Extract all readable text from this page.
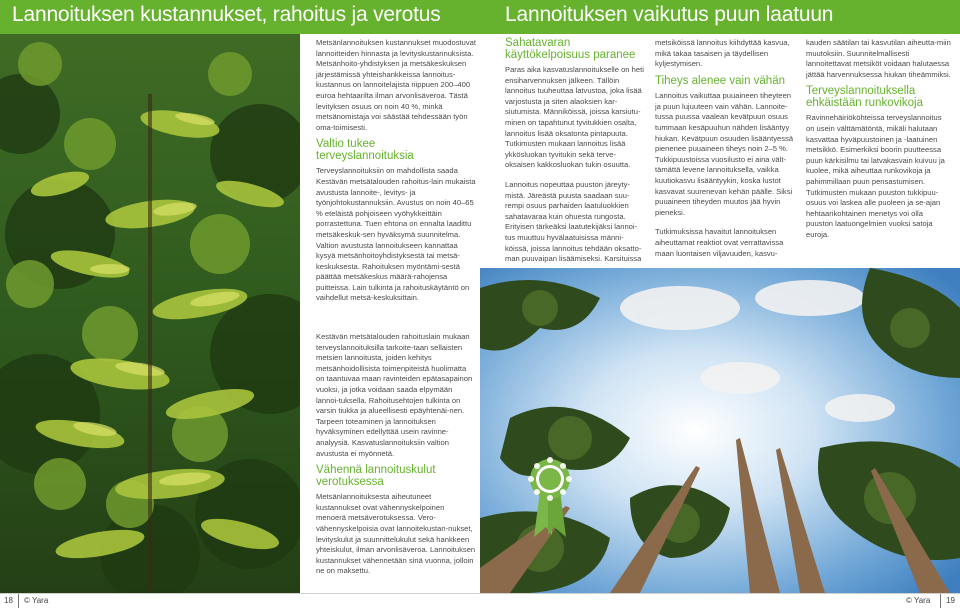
Lannoituksen kustannukset, rahoitus ja verotus

Metsänlannoituksen kustannukset muodostuvat lannoitteiden hinnasta ja levityskustannuksista. Metsänhoito-yhdistyksen ja metsäkeskuksen järjestämissä yhteishankkeissa lannoitus-kustannus on lannoitelajista riippuen 200–400 euroa hehtaarilta ilman arvonlisäveroa. Tästä levityksen osuus on noin 40 %, minkä metsänomistaja voi säästää tehdessään työn oma-toimisesti.

Valtio tukee terveyslannoituksia

Terveyslannoituksiin on mahdollista saada Kestävän metsätalouden rahoitus-lain mukaista avustusta lannoite-, levitys- ja työnjohtokustannuksiin. Avustus on noin 40–65 % eteläistä pohjoiseen vyöhykkeittäin porrastettuna. Tuen ehtona on ennalta laadittu metsäkeskuk-sen hyväksymä suunnitelma. Valtion avustusta lannoitukseen kannattaa kysyä metsänhoitoyhdistyksestä tai metsä-keskuksesta. Rahoituksen myöntämi-sestä päättää metsäkeskus määrä-rahojensa puitteissa. Lain tulkinta ja rahoituskäytäntö on vaihdellut metsä-keskuksittain.

Kestävän metsätalouden rahoituslain mukaan terveyslannoituksilla tarkoite-taan sellaisten metsien lannoitusta, joiden kehitys metsänhoidollisista toimenpiteistä huolimatta on taantuvaa maan ravinteiden epätasapainon vuoksi, ja jotka voidaan saada elpymään lannoi-tuksella. Rahoitusehtojen tulkinta on varsin tiukka ja alueellisesti epäyhtenäi-nen. Tarpeen toteaminen ja lannoituksen hyväksyminen edellyttää usein ravinne-analyysiä. Kasvatuslannoituksiin valtion avustusta ei myönnetä.

Vähennä lannoituskulut verotuksessa

Metsänlannoituksesta aiheutuneet kustannukset ovat vähennyskelpoinen menoerä metsäverotuksessa. Vero-vähennyskelpoisia ovat lannoitekustan-nukset, levityskulut ja suunnittelukulut sekä hankkeen yhteiskulut, ilman arvonlisäveroa. Lannoituksen kustannukset vähennetään sinä vuonna, jolloin ne on maksettu.

Lannoituksen vaikutus puun laatuun
Sahatavaran käyttökelpoisuus paranee

Paras aika kasvatuslannoitukselle on heti ensiharvennuksen jälkeen. Tällöin lannoitus tuuheuttaa latvustoa, joka lisää varjostusta ja siten alaoksien kar-siutumista. Männiköissä, joissa karsiutu-minen on tapahtunut tyvitukkien osalta, lannoitus lisää oksatonta pintapuuta. Tutkimusten mukaan lannoitus lisää ykkösluokan tyvitukin sekä terve-oksaisen kakkosluokan tukin osuutta.

Lannoitus nopeuttaa puuston järeyty-mistä. Järeästä puusta saadaan suu-rempi osuus parhaiden laatuluokkien sahatavaraa kuin ohuesta rungosta. Erityisen tärkeäksi laatutekijäksi lannoi-tus muuttuu hyvälaatuisissa männi-köissä, joissa lannoitus tehdään oksatto-man puuvaipan lisäämiseksi. Karsituissa

metsiköissä lannoitus kiihdyttää kasvua, mikä takaa tasaisen ja täydellisen kyljestymisen.

Tiheys alenee vain vähän

Lannoitus vaikuttaa puuaineen tiheyteen ja puun lujuuteen vain vähän. Lannoite-tussa puussa vaalean kevätpuun osuus tummaan kesäpuuhun nähden lisääntyy hiukan. Kevätpuun osuuden lisääntyessä pienenee puuaineen tiheys noin 2–5 %. Tukkipuustoissa vuosilusto ei aina vält-tämättä levene lannoituksella, vaikka kuutiokasvu lisääntyykin, koska lustot kasvavat suurenevan kehän päälle. Siksi puuaineen tiheyden muutos jää hyvin pieneksi.

Tutkimuksissa havaitut lannoituksen aiheuttamat reaktiot ovat verrattavissa maan luontaisen viljavuuden, kasvu-

kauden säätilan tai kasvutilan aiheutta-miin muutoksiin. Suunnitelmallisesti lannoitettavat metsiköt voidaan halutaessa jättää harvennuksessa hiukan tiheämmiksi.

Terveyslannoituksella ehkäistään runkovikoja

Ravinnehäiriököhteissa terveyslannoitus on usein välttämätöntä, mikäli halutaan kasvattaa hyväpuustoinen ja -laatuinen metsikkö. Esimerkiksi boorin puutteessa puun kärkisilmu tai latvakasvain kuivuu ja kuolee, mikä aiheuttaa runkovikoja ja pahimmillaan puun pensastumisen. Tutkimusten mukaan puuston tukkipuu-osuus voi laskea alle puoleen ja se-ajan hehtaarikohtainen menetys voi olla puuston laatuongelmien vuoksi satoja euroja.

18 © Yara	© Yara 19
